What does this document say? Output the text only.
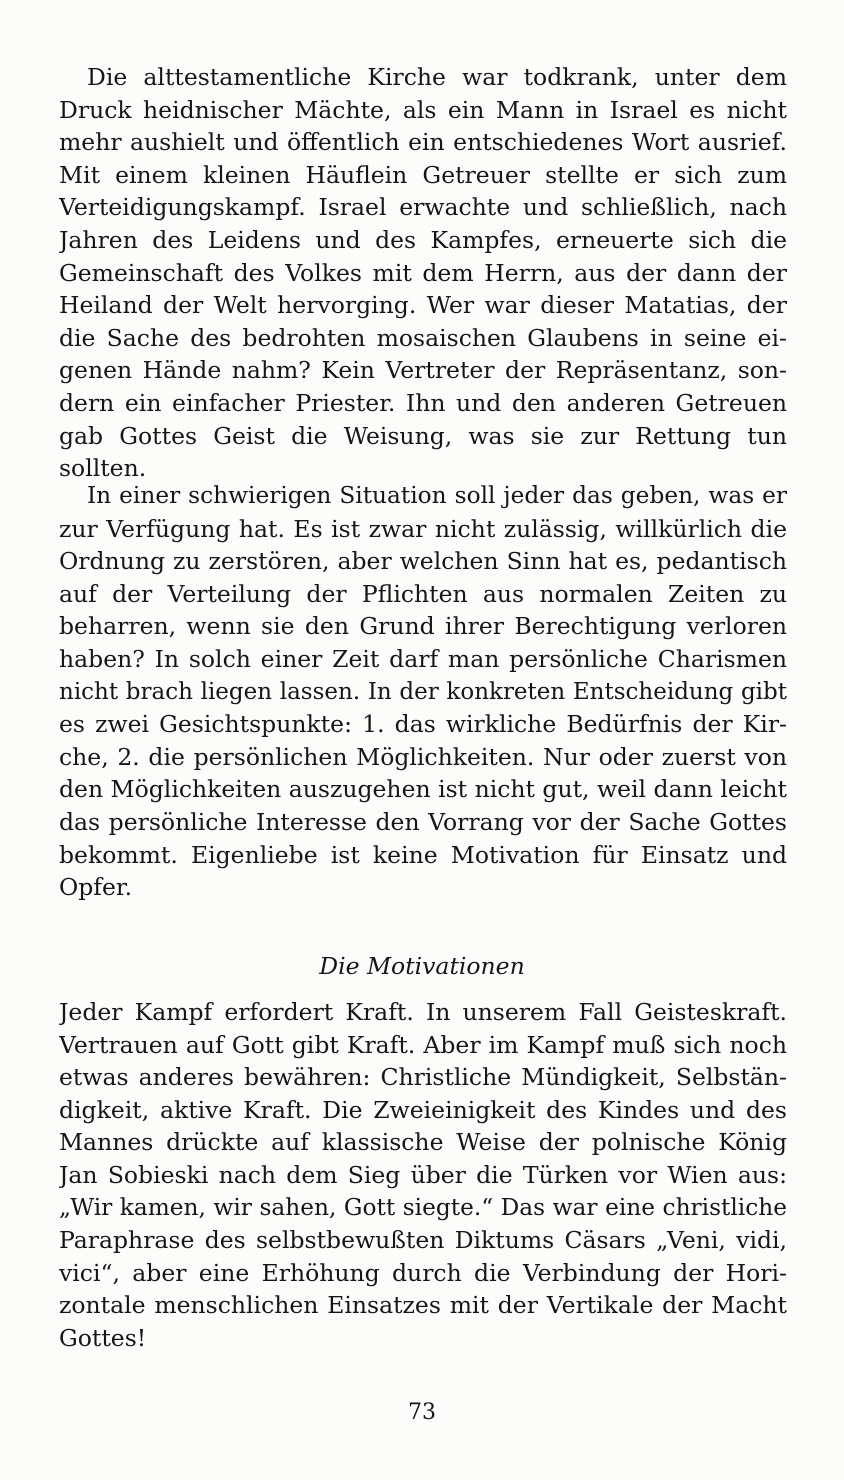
Die alttestamentliche Kirche war todkrank, unter dem
Druck heidnischer Mächte, als ein Mann in Israel es nicht
mehr aushielt und öffentlich ein entschiedenes Wort ausrief.
Mit einem kleinen Häuflein Getreuer stellte er sich zum
Verteidigungskampf. Israel erwachte und schließlich, nach
Jahren des Leidens und des Kampfes, erneuerte sich die
Gemeinschaft des Volkes mit dem Herrn, aus der dann der
Heiland der Welt hervorging. Wer war dieser Matatias, der
die Sache des bedrohten mosaischen Glaubens in seine ei-
genen Hände nahm? Kein Vertreter der Repräsentanz, son-
dern ein einfacher Priester. Ihn und den anderen Getreuen
gab Gottes Geist die Weisung, was sie zur Rettung tun
sollten.
In einer schwierigen Situation soll jeder das geben, was er
zur Verfügung hat. Es ist zwar nicht zulässig, willkürlich die
Ordnung zu zerstören, aber welchen Sinn hat es, pedantisch
auf der Verteilung der Pflichten aus normalen Zeiten zu
beharren, wenn sie den Grund ihrer Berechtigung verloren
haben? In solch einer Zeit darf man persönliche Charismen
nicht brach liegen lassen. In der konkreten Entscheidung gibt
es zwei Gesichtspunkte: 1. das wirkliche Bedürfnis der Kir-
che, 2. die persönlichen Möglichkeiten. Nur oder zuerst von
den Möglichkeiten auszugehen ist nicht gut, weil dann leicht
das persönliche Interesse den Vorrang vor der Sache Gottes
bekommt. Eigenliebe ist keine Motivation für Einsatz und
Opfer.
Die Motivationen
Jeder Kampf erfordert Kraft. In unserem Fall Geisteskraft.
Vertrauen auf Gott gibt Kraft. Aber im Kampf muß sich noch
etwas anderes bewähren: Christliche Mündigkeit, Selbstän-
digkeit, aktive Kraft. Die Zweieinigkeit des Kindes und des
Mannes drückte auf klassische Weise der polnische König
Jan Sobieski nach dem Sieg über die Türken vor Wien aus:
„Wir kamen, wir sahen, Gott siegte.“ Das war eine christliche
Paraphrase des selbstbewußten Diktums Cäsars „Veni, vidi,
vici“, aber eine Erhöhung durch die Verbindung der Hori-
zontale menschlichen Einsatzes mit der Vertikale der Macht
Gottes!
73
